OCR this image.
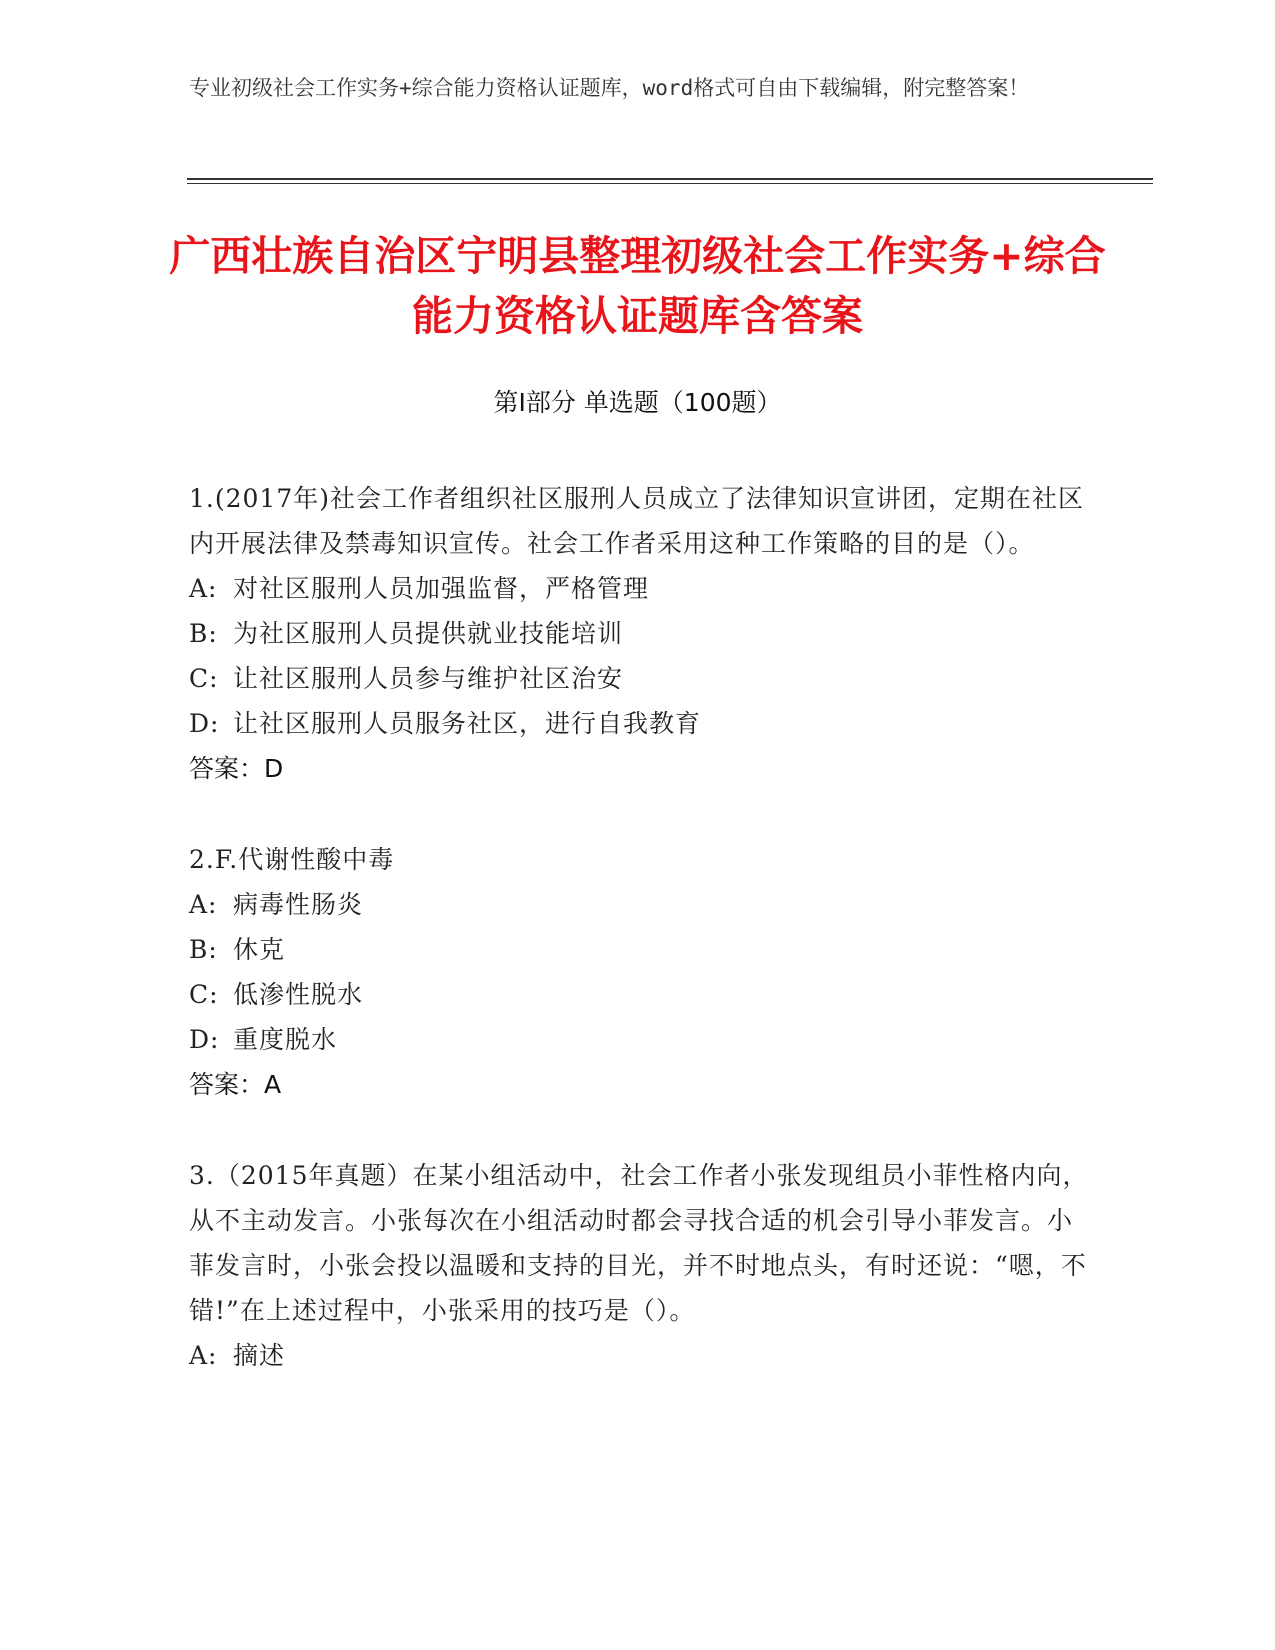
专业初级社会工作实务+综合能力资格认证题库，word格式可自由下载编辑，附完整答案！
广西壮族自治区宁明县整理初级社会工作实务+综合能力资格认证题库含答案
第Ⅰ部分 单选题（100题）
1.(2017年)社会工作者组织社区服刑人员成立了法律知识宣讲团，定期在社区内开展法律及禁毒知识宣传。社会工作者采用这种工作策略的目的是（）。
A: 对社区服刑人员加强监督，严格管理
B: 为社区服刑人员提供就业技能培训
C: 让社区服刑人员参与维护社区治安
D: 让社区服刑人员服务社区，进行自我教育
答案：D
2.F.代谢性酸中毒
A: 病毒性肠炎
B: 休克
C: 低渗性脱水
D: 重度脱水
答案：A
3.（2015年真题）在某小组活动中，社会工作者小张发现组员小菲性格内向，从不主动发言。小张每次在小组活动时都会寻找合适的机会引导小菲发言。小菲发言时，小张会投以温暖和支持的目光，并不时地点头，有时还说：“嗯，不错!”在上述过程中，小张采用的技巧是（）。
A: 摘述
